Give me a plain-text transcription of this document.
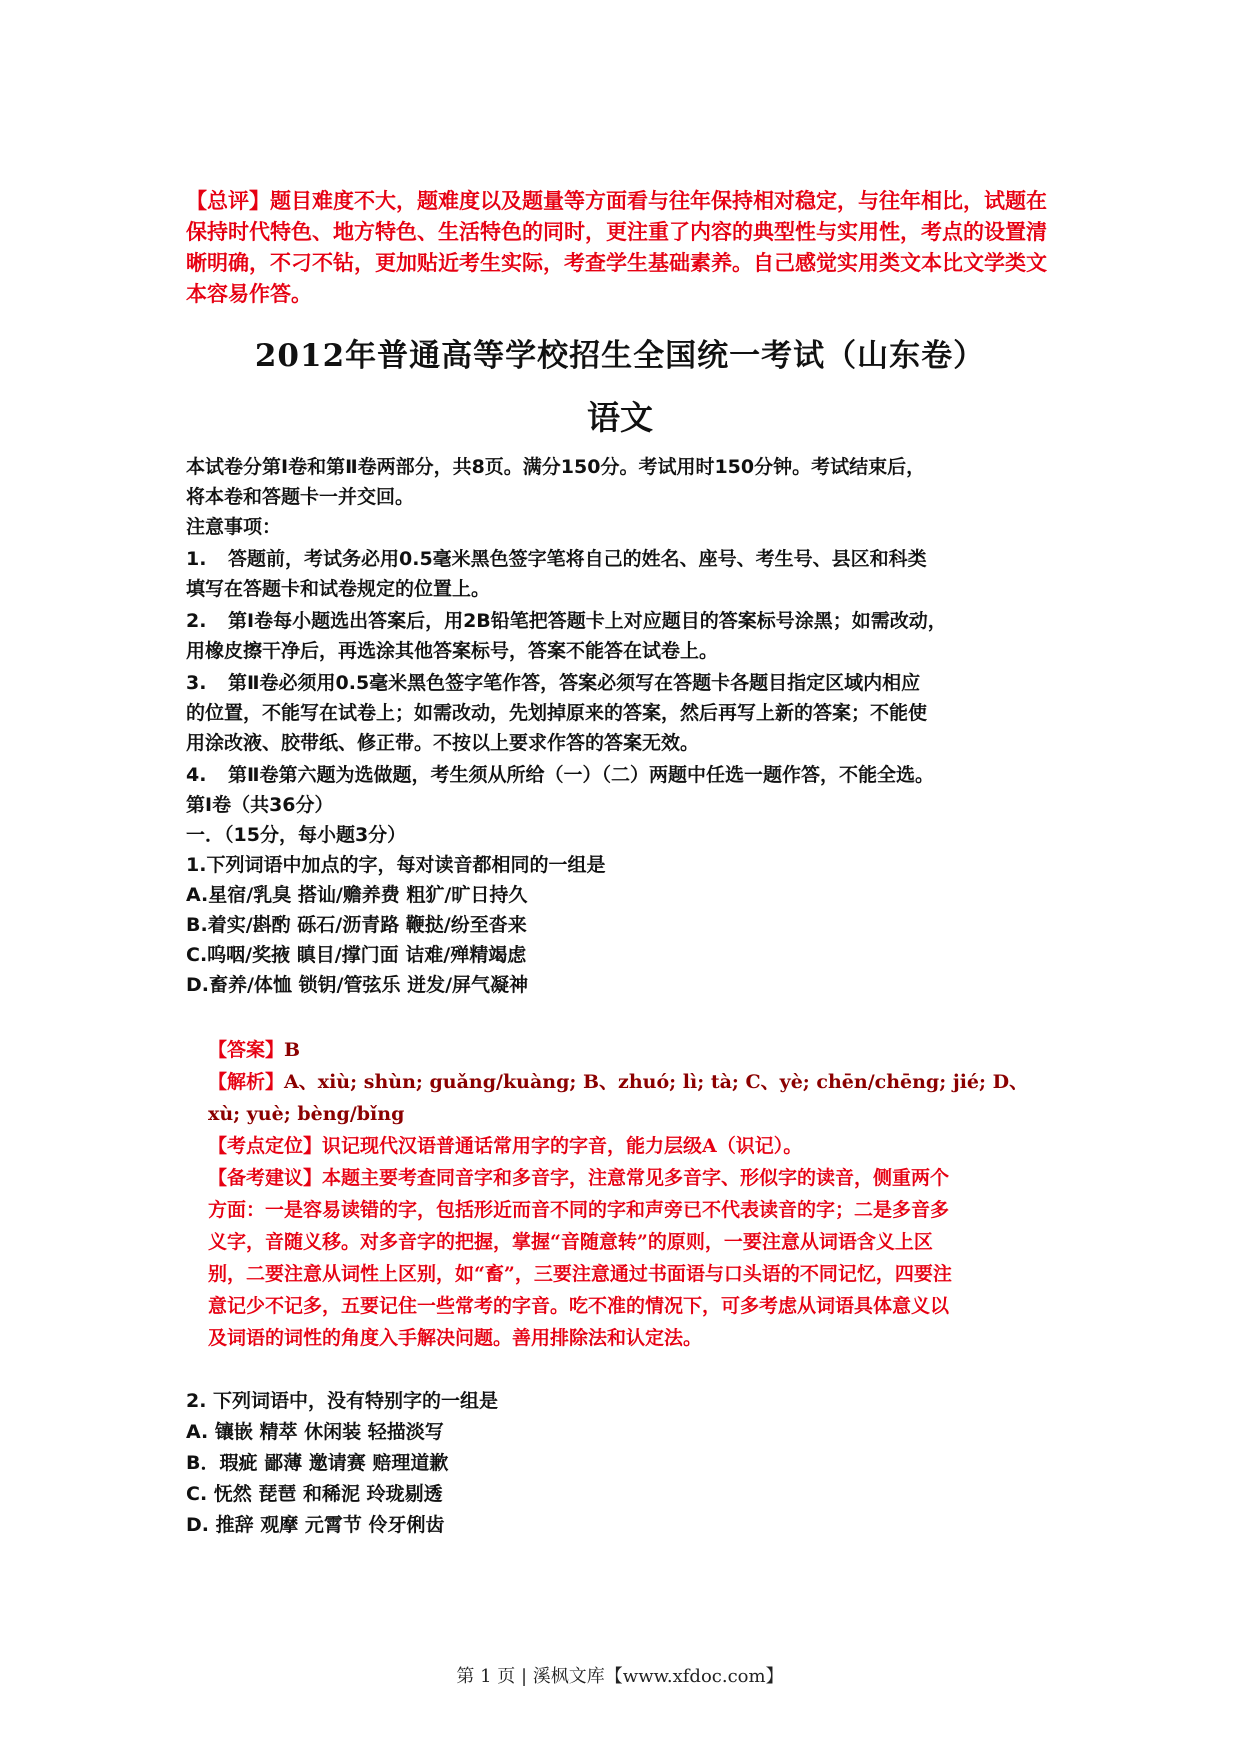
【总评】题目难度不大，题难度以及题量等方面看与往年保持相对稳定，与往年相比，试题在保持时代特色、地方特色、生活特色的同时，更注重了内容的典型性与实用性，考点的设置清晰明确，不刁不钻，更加贴近考生实际，考查学生基础素养。自己感觉实用类文本比文学类文本容易作答。
2012年普通高等学校招生全国统一考试（山东卷）
语文

本试卷分第Ⅰ卷和第Ⅱ卷两部分，共8页。满分150分。考试用时150分钟。考试结束后，

将本卷和答题卡一并交回。

注意事项：

1. 答题前，考试务必用0.5毫米黑色签字笔将自己的姓名、座号、考生号、县区和科类

填写在答题卡和试卷规定的位置上。

2. 第Ⅰ卷每小题选出答案后，用2B铅笔把答题卡上对应题目的答案标号涂黑；如需改动，

用橡皮擦干净后，再选涂其他答案标号，答案不能答在试卷上。

3. 第Ⅱ卷必须用0.5毫米黑色签字笔作答，答案必须写在答题卡各题目指定区域内相应

的位置，不能写在试卷上；如需改动，先划掉原来的答案，然后再写上新的答案；不能使

用涂改液、胶带纸、修正带。不按以上要求作答的答案无效。

4. 第Ⅱ卷第六题为选做题，考生须从所给（一）（二）两题中任选一题作答，不能全选。

第Ⅰ卷（共36分）

一．（15分，每小题3分）

1.下列词语中加点的字，每对读音都相同的一组是

A.星宿/乳臭 搭讪/赡养费 粗犷/旷日持久

B.着实/斟酌 砾石/沥青路 鞭挞/纷至沓来

C.呜咽/奖掖 瞋目/撑门面 诘难/殚精竭虑

D.畜养/体恤 锁钥/管弦乐 迸发/屏气凝神

【答案】B

【解析】A、xiù; shùn; guǎng/kuàng; B、zhuó; lì; tà; C、yè; chēn/chēng; jié; D、

xù; yuè; bèng/bǐng

【考点定位】识记现代汉语普通话常用字的字音，能力层级A（识记）。

【备考建议】本题主要考查同音字和多音字，注意常见多音字、形似字的读音，侧重两个

方面：一是容易读错的字，包括形近而音不同的字和声旁已不代表读音的字；二是多音多

义字，音随义移。对多音字的把握，掌握“音随意转”的原则，一要注意从词语含义上区

别，二要注意从词性上区别，如“畜”，三要注意通过书面语与口头语的不同记忆，四要注

意记少不记多，五要记住一些常考的字音。吃不准的情况下，可多考虑从词语具体意义以

及词语的词性的角度入手解决问题。善用排除法和认定法。

2. 下列词语中，没有特别字的一组是

A. 镶嵌 精萃 休闲装 轻描淡写

B．瑕疵 鄙薄 邀请赛 赔理道歉

C. 怃然 琵琶 和稀泥 玲珑剔透

D. 推辞 观摩 元霄节 伶牙俐齿

第 1 页 | 溪枫文库【www.xfdoc.com】
